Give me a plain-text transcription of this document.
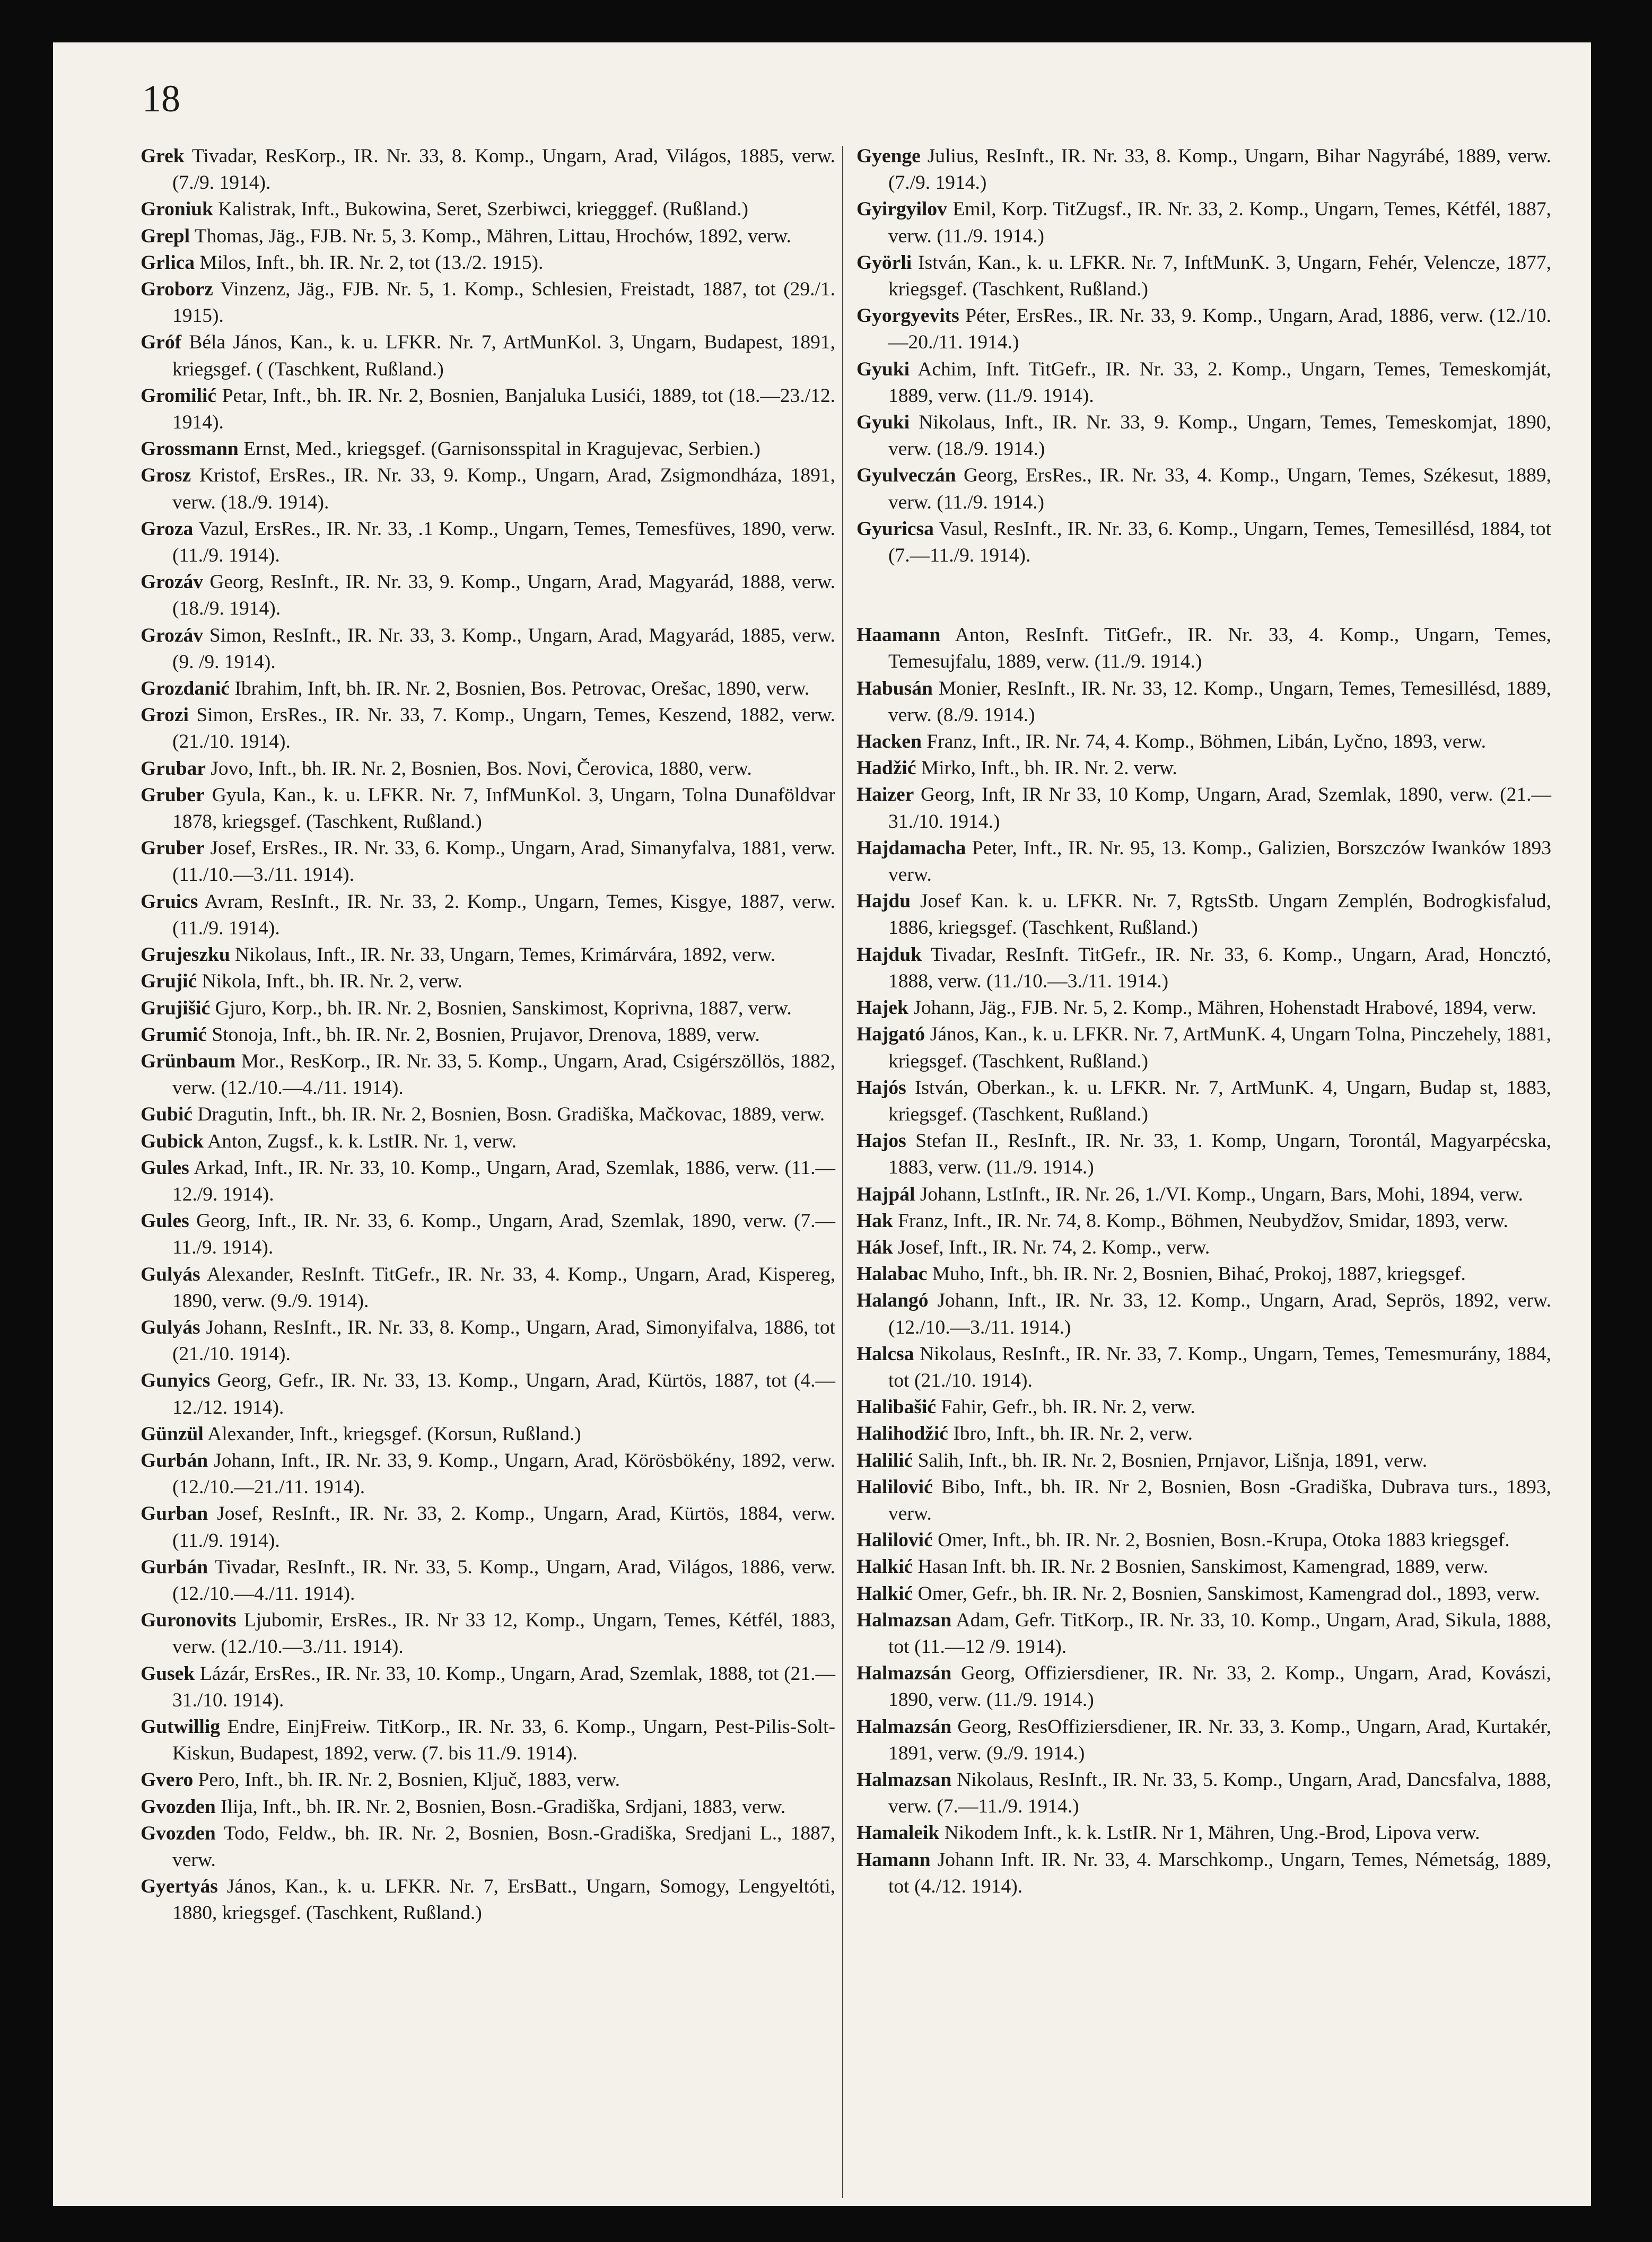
18

Grek Tivadar, ResKorp., IR. Nr. 33, 8. Komp., Ungarn, Arad, Világos, 1885, verw. (7./9. 1914).

Groniuk Kalistrak, Inft., Bukowina, Seret, Szerbiwci, kriegggef. (Rußland.)

Grepl Thomas, Jäg., FJB. Nr. 5, 3. Komp., Mähren, Littau, Hrochów, 1892, verw.

Grlica Milos, Inft., bh. IR. Nr. 2, tot (13./2. 1915).

Groborz Vinzenz, Jäg., FJB. Nr. 5, 1. Komp., Schlesien, Freistadt, 1887, tot (29./1. 1915).

Gróf Béla János, Kan., k. u. LFKR. Nr. 7, ArtMunKol. 3, Ungarn, Budapest, 1891, kriegsgef. ( (Taschkent, Rußland.)

Gromilić Petar, Inft., bh. IR. Nr. 2, Bosnien, Banjaluka Lusići, 1889, tot (18.—23./12. 1914).

Grossmann Ernst, Med., kriegsgef. (Garnisonsspital in Kragujevac, Serbien.)

Grosz Kristof, ErsRes., IR. Nr. 33, 9. Komp., Ungarn, Arad, Zsigmondháza, 1891, verw. (18./9. 1914).

Groza Vazul, ErsRes., IR. Nr. 33, .1 Komp., Ungarn, Temes, Temesfüves, 1890, verw. (11./9. 1914).

Grozáv Georg, ResInft., IR. Nr. 33, 9. Komp., Ungarn, Arad, Magyarád, 1888, verw. (18./9. 1914).

Grozáv Simon, ResInft., IR. Nr. 33, 3. Komp., Ungarn, Arad, Magyarád, 1885, verw. (9. /9. 1914).

Grozdanić Ibrahim, Inft, bh. IR. Nr. 2, Bosnien, Bos. Petrovac, Orešac, 1890, verw.

Grozi Simon, ErsRes., IR. Nr. 33, 7. Komp., Ungarn, Temes, Keszend, 1882, verw. (21./10. 1914).

Grubar Jovo, Inft., bh. IR. Nr. 2, Bosnien, Bos. Novi, Čerovica, 1880, verw.

Gruber Gyula, Kan., k. u. LFKR. Nr. 7, InfMunKol. 3, Ungarn, Tolna Dunaföldvar 1878, kriegsgef. (Taschkent, Rußland.)

Gruber Josef, ErsRes., IR. Nr. 33, 6. Komp., Ungarn, Arad, Simanyfalva, 1881, verw. (11./10.—3./11. 1914).

Gruics Avram, ResInft., IR. Nr. 33, 2. Komp., Ungarn, Temes, Kisgye, 1887, verw. (11./9. 1914).

Grujeszku Nikolaus, Inft., IR. Nr. 33, Ungarn, Temes, Krimárvára, 1892, verw.

Grujić Nikola, Inft., bh. IR. Nr. 2, verw.

Grujišić Gjuro, Korp., bh. IR. Nr. 2, Bosnien, Sanskimost, Koprivna, 1887, verw.

Grumić Stonoja, Inft., bh. IR. Nr. 2, Bosnien, Prujavor, Drenova, 1889, verw.

Grünbaum Mor., ResKorp., IR. Nr. 33, 5. Komp., Ungarn, Arad, Csigérszöllös, 1882, verw. (12./10.—4./11. 1914).

Gubić Dragutin, Inft., bh. IR. Nr. 2, Bosnien, Bosn. Gradiška, Mačkovac, 1889, verw.

Gubick Anton, Zugsf., k. k. LstIR. Nr. 1, verw.

Gules Arkad, Inft., IR. Nr. 33, 10. Komp., Ungarn, Arad, Szemlak, 1886, verw. (11.—12./9. 1914).

Gules Georg, Inft., IR. Nr. 33, 6. Komp., Ungarn, Arad, Szemlak, 1890, verw. (7.—11./9. 1914).

Gulyás Alexander, ResInft. TitGefr., IR. Nr. 33, 4. Komp., Ungarn, Arad, Kispereg, 1890, verw. (9./9. 1914).

Gulyás Johann, ResInft., IR. Nr. 33, 8. Komp., Ungarn, Arad, Simonyifalva, 1886, tot (21./10. 1914).

Gunyics Georg, Gefr., IR. Nr. 33, 13. Komp., Ungarn, Arad, Kürtös, 1887, tot (4.—12./12. 1914).

Günzül Alexander, Inft., kriegsgef. (Korsun, Rußland.)

Gurbán Johann, Inft., IR. Nr. 33, 9. Komp., Ungarn, Arad, Körösbökény, 1892, verw. (12./10.—21./11. 1914).

Gurban Josef, ResInft., IR. Nr. 33, 2. Komp., Ungarn, Arad, Kürtös, 1884, verw. (11./9. 1914).

Gurbán Tivadar, ResInft., IR. Nr. 33, 5. Komp., Ungarn, Arad, Világos, 1886, verw. (12./10.—4./11. 1914).

Guronovits Ljubomir, ErsRes., IR. Nr 33 12, Komp., Ungarn, Temes, Kétfél, 1883, verw. (12./10.—3./11. 1914).

Gusek Lázár, ErsRes., IR. Nr. 33, 10. Komp., Ungarn, Arad, Szemlak, 1888, tot (21.—31./10. 1914).

Gutwillig Endre, EinjFreiw. TitKorp., IR. Nr. 33, 6. Komp., Ungarn, Pest-Pilis-Solt-Kiskun, Budapest, 1892, verw. (7. bis 11./9. 1914).

Gvero Pero, Inft., bh. IR. Nr. 2, Bosnien, Ključ, 1883, verw.

Gvozden Ilija, Inft., bh. IR. Nr. 2, Bosnien, Bosn.-Gradiška, Srdjani, 1883, verw.

Gvozden Todo, Feldw., bh. IR. Nr. 2, Bosnien, Bosn.-Gradiška, Sredjani L., 1887, verw.

Gyertyás János, Kan., k. u. LFKR. Nr. 7, ErsBatt., Ungarn, Somogy, Lengyeltóti, 1880, kriegsgef. (Taschkent, Rußland.)

Gyenge Julius, ResInft., IR. Nr. 33, 8. Komp., Ungarn, Bihar Nagyrábé, 1889, verw. (7./9. 1914.)

Gyirgyilov Emil, Korp. TitZugsf., IR. Nr. 33, 2. Komp., Ungarn, Temes, Kétfél, 1887, verw. (11./9. 1914.)

Györli István, Kan., k. u. LFKR. Nr. 7, InftMunK. 3, Ungarn, Fehér, Velencze, 1877, kriegsgef. (Taschkent, Rußland.)

Gyorgyevits Péter, ErsRes., IR. Nr. 33, 9. Komp., Ungarn, Arad, 1886, verw. (12./10.—20./11. 1914.)

Gyuki Achim, Inft. TitGefr., IR. Nr. 33, 2. Komp., Ungarn, Temes, Temeskomját, 1889, verw. (11./9. 1914).

Gyuki Nikolaus, Inft., IR. Nr. 33, 9. Komp., Ungarn, Temes, Temeskomjat, 1890, verw. (18./9. 1914.)

Gyulveczán Georg, ErsRes., IR. Nr. 33, 4. Komp., Ungarn, Temes, Székesut, 1889, verw. (11./9. 1914.)

Gyuricsa Vasul, ResInft., IR. Nr. 33, 6. Komp., Ungarn, Temes, Temesillésd, 1884, tot (7.—11./9. 1914).

Haamann Anton, ResInft. TitGefr., IR. Nr. 33, 4. Komp., Ungarn, Temes, Temesujfalu, 1889, verw. (11./9. 1914.)

Habusán Monier, ResInft., IR. Nr. 33, 12. Komp., Ungarn, Temes, Temesillésd, 1889, verw. (8./9. 1914.)

Hacken Franz, Inft., IR. Nr. 74, 4. Komp., Böhmen, Libán, Lyčno, 1893, verw.

Hadžić Mirko, Inft., bh. IR. Nr. 2. verw.

Haizer Georg, Inft, IR Nr 33, 10 Komp, Ungarn, Arad, Szemlak, 1890, verw. (21.—31./10. 1914.)

Hajdamacha Peter, Inft., IR. Nr. 95, 13. Komp., Galizien, Borszczów Iwanków 1893 verw.

Hajdu Josef Kan. k. u. LFKR. Nr. 7, RgtsStb. Ungarn Zemplén, Bodrogkisfalud, 1886, kriegsgef. (Taschkent, Rußland.)

Hajduk Tivadar, ResInft. TitGefr., IR. Nr. 33, 6. Komp., Ungarn, Arad, Honcztó, 1888, verw. (11./10.—3./11. 1914.)

Hajek Johann, Jäg., FJB. Nr. 5, 2. Komp., Mähren, Hohenstadt Hrabové, 1894, verw.

Hajgató János, Kan., k. u. LFKR. Nr. 7, ArtMunK. 4, Ungarn Tolna, Pinczehely, 1881, kriegsgef. (Taschkent, Rußland.)

Hajós István, Oberkan., k. u. LFKR. Nr. 7, ArtMunK. 4, Ungarn, Budap st, 1883, kriegsgef. (Taschkent, Rußland.)

Hajos Stefan II., ResInft., IR. Nr. 33, 1. Komp, Ungarn, Torontál, Magyarpécska, 1883, verw. (11./9. 1914.)

Hajpál Johann, LstInft., IR. Nr. 26, 1./VI. Komp., Ungarn, Bars, Mohi, 1894, verw.

Hak Franz, Inft., IR. Nr. 74, 8. Komp., Böhmen, Neubydžov, Smidar, 1893, verw.

Hák Josef, Inft., IR. Nr. 74, 2. Komp., verw.

Halabac Muho, Inft., bh. IR. Nr. 2, Bosnien, Bihać, Prokoj, 1887, kriegsgef.

Halangó Johann, Inft., IR. Nr. 33, 12. Komp., Ungarn, Arad, Seprös, 1892, verw. (12./10.—3./11. 1914.)

Halcsa Nikolaus, ResInft., IR. Nr. 33, 7. Komp., Ungarn, Temes, Temesmurány, 1884, tot (21./10. 1914).

Halibašić Fahir, Gefr., bh. IR. Nr. 2, verw.

Halihodžić Ibro, Inft., bh. IR. Nr. 2, verw.

Halilić Salih, Inft., bh. IR. Nr. 2, Bosnien, Prnjavor, Lišnja, 1891, verw.

Halilović Bibo, Inft., bh. IR. Nr 2, Bosnien, Bosn -Gradiška, Dubrava turs., 1893, verw.

Halilović Omer, Inft., bh. IR. Nr. 2, Bosnien, Bosn.-Krupa, Otoka 1883 kriegsgef.

Halkić Hasan Inft. bh. IR. Nr. 2 Bosnien, Sanskimost, Kamengrad, 1889, verw.

Halkić Omer, Gefr., bh. IR. Nr. 2, Bosnien, Sanskimost, Kamengrad dol., 1893, verw.

Halmazsan Adam, Gefr. TitKorp., IR. Nr. 33, 10. Komp., Ungarn, Arad, Sikula, 1888, tot (11.—12 /9. 1914).

Halmazsán Georg, Offiziersdiener, IR. Nr. 33, 2. Komp., Ungarn, Arad, Kovászi, 1890, verw. (11./9. 1914.)

Halmazsán Georg, ResOffiziersdiener, IR. Nr. 33, 3. Komp., Ungarn, Arad, Kurtakér, 1891, verw. (9./9. 1914.)

Halmazsan Nikolaus, ResInft., IR. Nr. 33, 5. Komp., Ungarn, Arad, Dancsfalva, 1888, verw. (7.—11./9. 1914.)

Hamaleik Nikodem Inft., k. k. LstIR. Nr 1, Mähren, Ung.-Brod, Lipova verw.

Hamann Johann Inft. IR. Nr. 33, 4. Marschkomp., Ungarn, Temes, Németság, 1889, tot (4./12. 1914).
